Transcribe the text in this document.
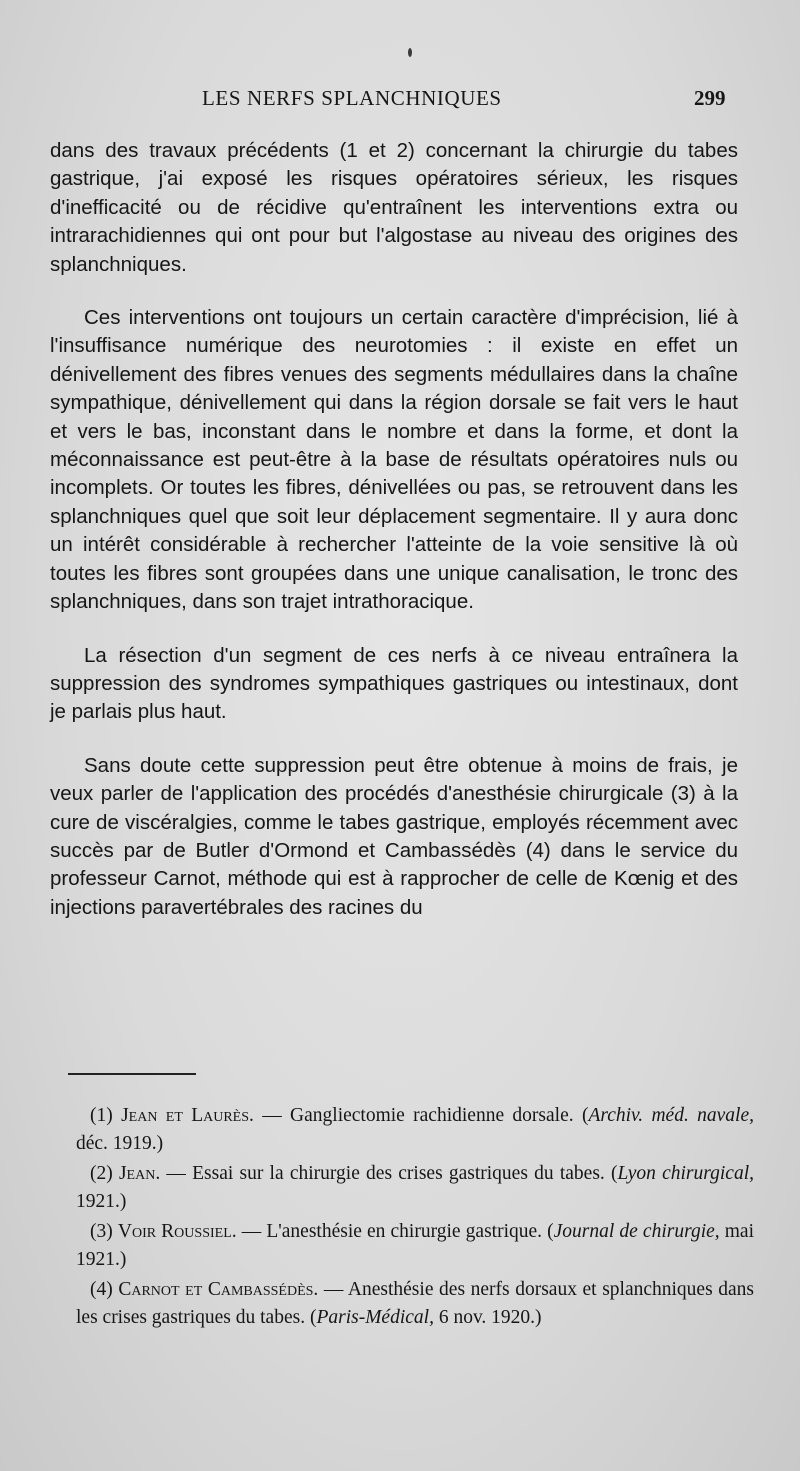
LES NERFS SPLANCHNIQUES	299

dans des travaux précédents (1 et 2) concernant la chirurgie du tabes gastrique, j'ai exposé les risques opératoires sérieux, les risques d'inefficacité ou de récidive qu'entraînent les interventions extra ou intrarachidiennes qui ont pour but l'algostase au niveau des origines des splanchniques.

Ces interventions ont toujours un certain caractère d'imprécision, lié à l'insuffisance numérique des neurotomies : il existe en effet un dénivellement des fibres venues des segments médullaires dans la chaîne sympathique, dénivellement qui dans la région dorsale se fait vers le haut et vers le bas, inconstant dans le nombre et dans la forme, et dont la méconnaissance est peut-être à la base de résultats opératoires nuls ou incomplets. Or toutes les fibres, dénivellées ou pas, se retrouvent dans les splanchniques quel que soit leur déplacement segmentaire. Il y aura donc un intérêt considérable à rechercher l'atteinte de la voie sensitive là où toutes les fibres sont groupées dans une unique canalisation, le tronc des splanchniques, dans son trajet intrathoracique.

La résection d'un segment de ces nerfs à ce niveau entraînera la suppression des syndromes sympathiques gastriques ou intestinaux, dont je parlais plus haut.

Sans doute cette suppression peut être obtenue à moins de frais, je veux parler de l'application des procédés d'anesthésie chirurgicale (3) à la cure de viscéralgies, comme le tabes gastrique, employés récemment avec succès par de Butler d'Ormond et Cambassédès (4) dans le service du professeur Carnot, méthode qui est à rapprocher de celle de Kœnig et des injections paravertébrales des racines du

(1) Jean et Laurès. — Gangliectomie rachidienne dorsale. (Archiv. méd. navale, déc. 1919.)

(2) Jean. — Essai sur la chirurgie des crises gastriques du tabes. (Lyon chirurgical, 1921.)

(3) Voir Roussiel. — L'anesthésie en chirurgie gastrique. (Journal de chirurgie, mai 1921.)

(4) Carnot et Cambassédès. — Anesthésie des nerfs dorsaux et splanchniques dans les crises gastriques du tabes. (Paris-Médical, 6 nov. 1920.)
